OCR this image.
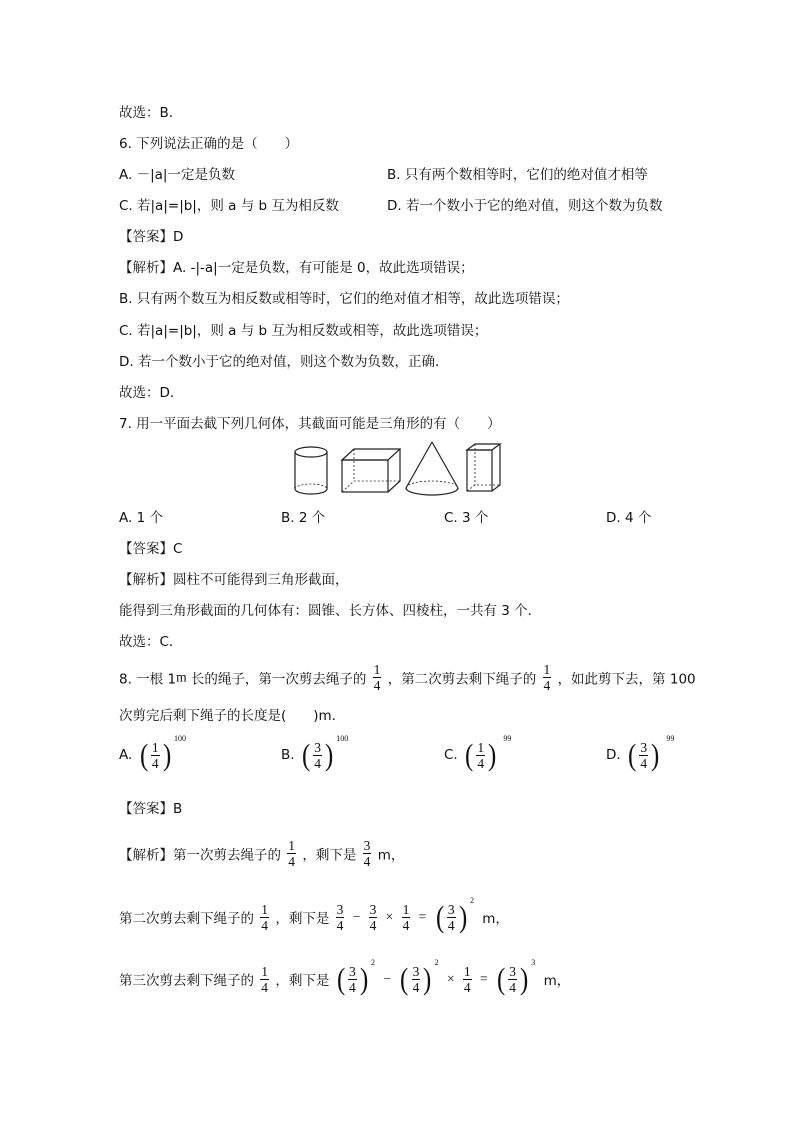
故选：B．
6. 下列说法正确的是（　　）
A. －|a|一定是负数	B. 只有两个数相等时，它们的绝对值才相等
C. 若|a|=|b|，则 a 与 b 互为相反数	D. 若一个数小于它的绝对值，则这个数为负数
【答案】D
【解析】A. -|-a|一定是负数，有可能是 0，故此选项错误；
B. 只有两个数互为相反数或相等时，它们的绝对值才相等，故此选项错误；
C. 若|a|=|b|，则 a 与 b 互为相反数或相等，故此选项错误；
D. 若一个数小于它的绝对值，则这个数为负数，正确．
故选：D．
7. 用一平面去截下列几何体，其截面可能是三角形的有（　　）
A. 1 个	B. 2 个	C. 3 个	D. 4 个
【答案】C
【解析】圆柱不可能得到三角形截面，
能得到三角形截面的几何体有：圆锥、长方体、四棱柱，一共有 3 个．
故选：C．
8. 一根 1m 长的绳子，第一次剪去绳子的 $\frac{1}{4}$ ，第二次剪去剩下绳子的 $\frac{1}{4}$ ，如此剪下去，第 100
次剪完后剩下绳子的长度是(　　)m．
A. ( $\frac{1}{4}$ ) 100
B. ( $\frac{3}{4}$ ) 100
C. ( $\frac{1}{4}$ ) 99
D. ( $\frac{3}{4}$ ) 99
【答案】B
【解析】第一次剪去绳子的 $\frac{1}{4}$ ，剩下是 $\frac{3}{4}$ m，
第二次剪去剩下绳子的 $\frac{1}{4}$ ，剩下是 $\frac{3}{4} - \frac{3}{4} \times \frac{1}{4}$ = ( $\frac{3}{4}$ ) 2
m，
第三次剪去剩下绳子的 $\frac{1}{4}$ ，剩下是 ( $\frac{3}{4}$ ) 2
− ( $\frac{3}{4}$ ) 2
× $\frac{1}{4}$ = ( $\frac{3}{4}$ ) 3
m，
